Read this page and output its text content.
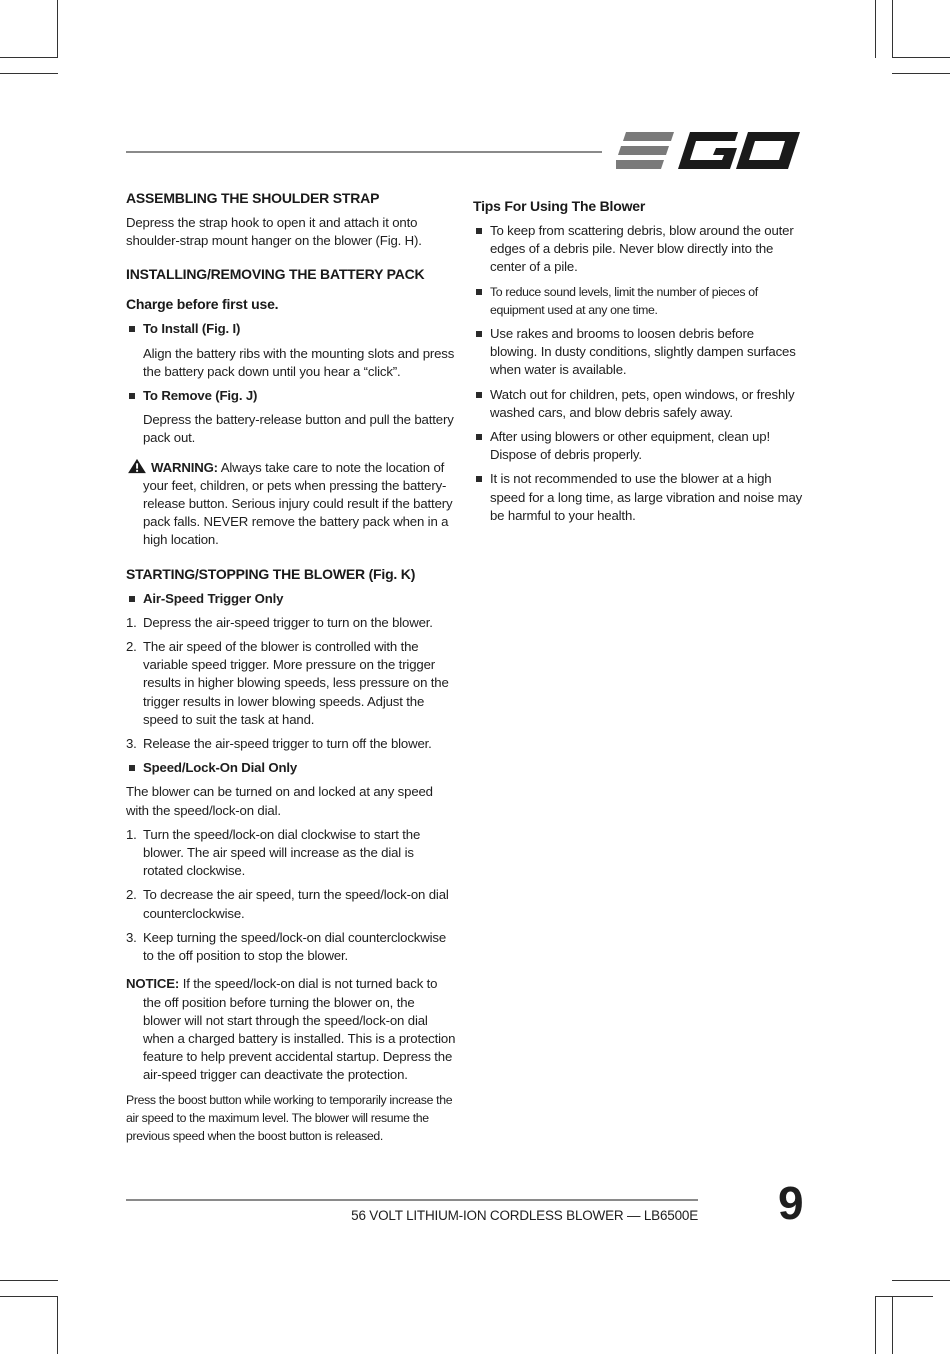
ASSEMBLING THE SHOULDER STRAP

Depress the strap hook to open it and attach it onto shoulder-strap mount hanger on the blower (Fig. H).

INSTALLING/REMOVING THE BATTERY PACK
Charge before first use.
To Install (Fig. I)

Align the battery ribs with the mounting slots and press the battery pack down until you hear a “click”.

To Remove (Fig. J)

Depress the battery-release button and pull the battery pack out.

WARNING: Always take care to note the location of your feet, children, or pets when pressing the battery-release button. Serious injury could result if the battery pack falls. NEVER remove the battery pack when in a high location.

STARTING/STOPPING THE BLOWER (Fig. K)
Air-Speed Trigger Only

1. Depress the air-speed trigger to turn on the blower.

2. The air speed of the blower is controlled with the variable speed trigger. More pressure on the trigger results in higher blowing speeds, less pressure on the trigger results in lower blowing speeds. Adjust the speed to suit the task at hand.

3. Release the air-speed trigger to turn off the blower.

Speed/Lock-On Dial Only

The blower can be turned on and locked at any speed with the speed/lock-on dial.

1. Turn the speed/lock-on dial clockwise to start the blower. The air speed will increase as the dial is rotated clockwise.

2. To decrease the air speed, turn the speed/lock-on dial counterclockwise.

3. Keep turning the speed/lock-on dial counterclockwise to the off position to stop the blower.

NOTICE: If the speed/lock-on dial is not turned back to the off position before turning the blower on, the blower will not start through the speed/lock-on dial when a charged battery is installed. This is a protection feature to help prevent accidental startup. Depress the air-speed trigger can deactivate the protection.

Press the boost button while working to temporarily increase the air speed to the maximum level. The blower will resume the previous speed when the boost button is released.

Tips For Using The Blower

To keep from scattering debris, blow around the outer edges of a debris pile. Never blow directly into the center of a pile.

To reduce sound levels, limit the number of pieces of equipment used at any one time.

Use rakes and brooms to loosen debris before blowing. In dusty conditions, slightly dampen surfaces when water is available.

Watch out for children, pets, open windows, or freshly washed cars, and blow debris safely away.

After using blowers or other equipment, clean up! Dispose of debris properly.

It is not recommended to use the blower at a high speed for a long time, as large vibration and noise may be harmful to your health.

56 VOLT LITHIUM-ION CORDLESS BLOWER — LB6500E 9
